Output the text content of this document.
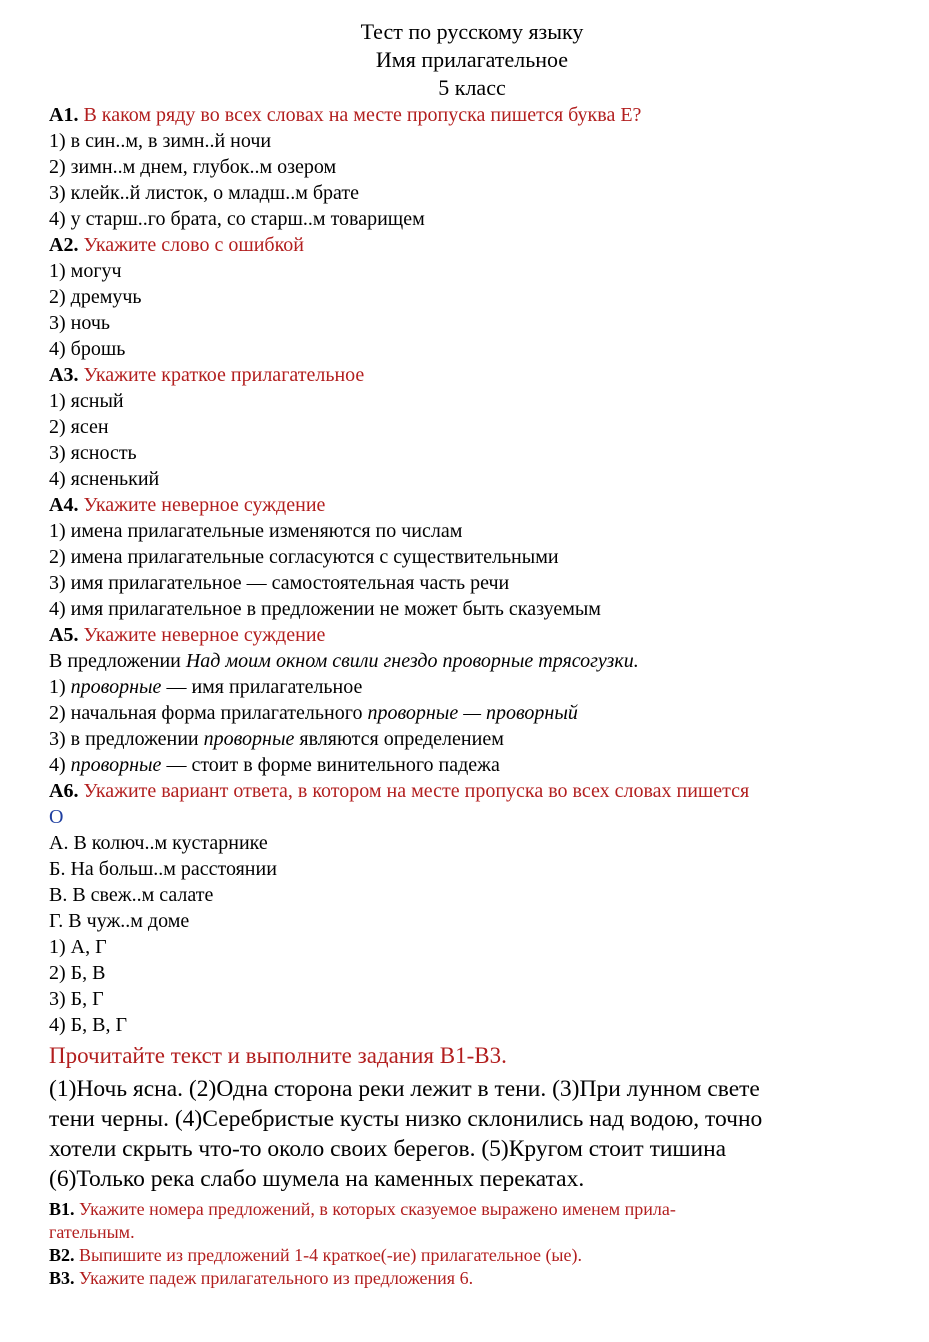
Тест по русскому языку
Имя прилагательное
5 класс
А1. В каком ряду во всех словах на месте пропуска пишется буква Е?
1) в син..м, в зимн..й ночи
2) зимн..м днем, глубок..м озером
3) клейк..й листок, о младш..м брате
4) у старш..го брата, со старш..м товарищем
А2. Укажите слово с ошибкой
1) могуч
2) дремучь
3) ночь
4) брошь
А3. Укажите краткое прилагательное
1) ясный
2) ясен
3) ясность
4) ясненький
А4. Укажите неверное суждение
1) имена прилагательные изменяются по числам
2) имена прилагательные согласуются с существительными
3) имя прилагательное — самостоятельная часть речи
4) имя прилагательное в предложении не может быть сказуемым
А5. Укажите неверное суждение
В предложении Над моим окном свили гнездо проворные трясогузки.
1) проворные — имя прилагательное
2) начальная форма прилагательного проворные — проворный
3) в предложении проворные являются определением
4) проворные — стоит в форме винительного падежа
А6. Укажите вариант ответа, в котором на месте пропуска во всех словах пишется
О
А. В колюч..м кустарнике
Б. На больш..м расстоянии
В. В свеж..м салате
Г. В чуж..м доме
1) А, Г
2) Б, В
3) Б, Г
4) Б, В, Г
Прочитайте текст и выполните задания В1-В3.
(1)Ночь ясна. (2)Одна сторона реки лежит в тени. (3)При лунном свете
тени черны. (4)Серебристые кусты низко склонились над водою, точно
хотели скрыть что-то около своих берегов. (5)Кругом стоит тишина
(6)Только река слабо шумела на каменных перекатах.
В1. Укажите номера предложений, в которых сказуемое выражено именем прила-
гательным.
В2. Выпишите из предложений 1-4 краткое(-ие) прилагательное (ые).
В3. Укажите падеж прилагательного из предложения 6.
